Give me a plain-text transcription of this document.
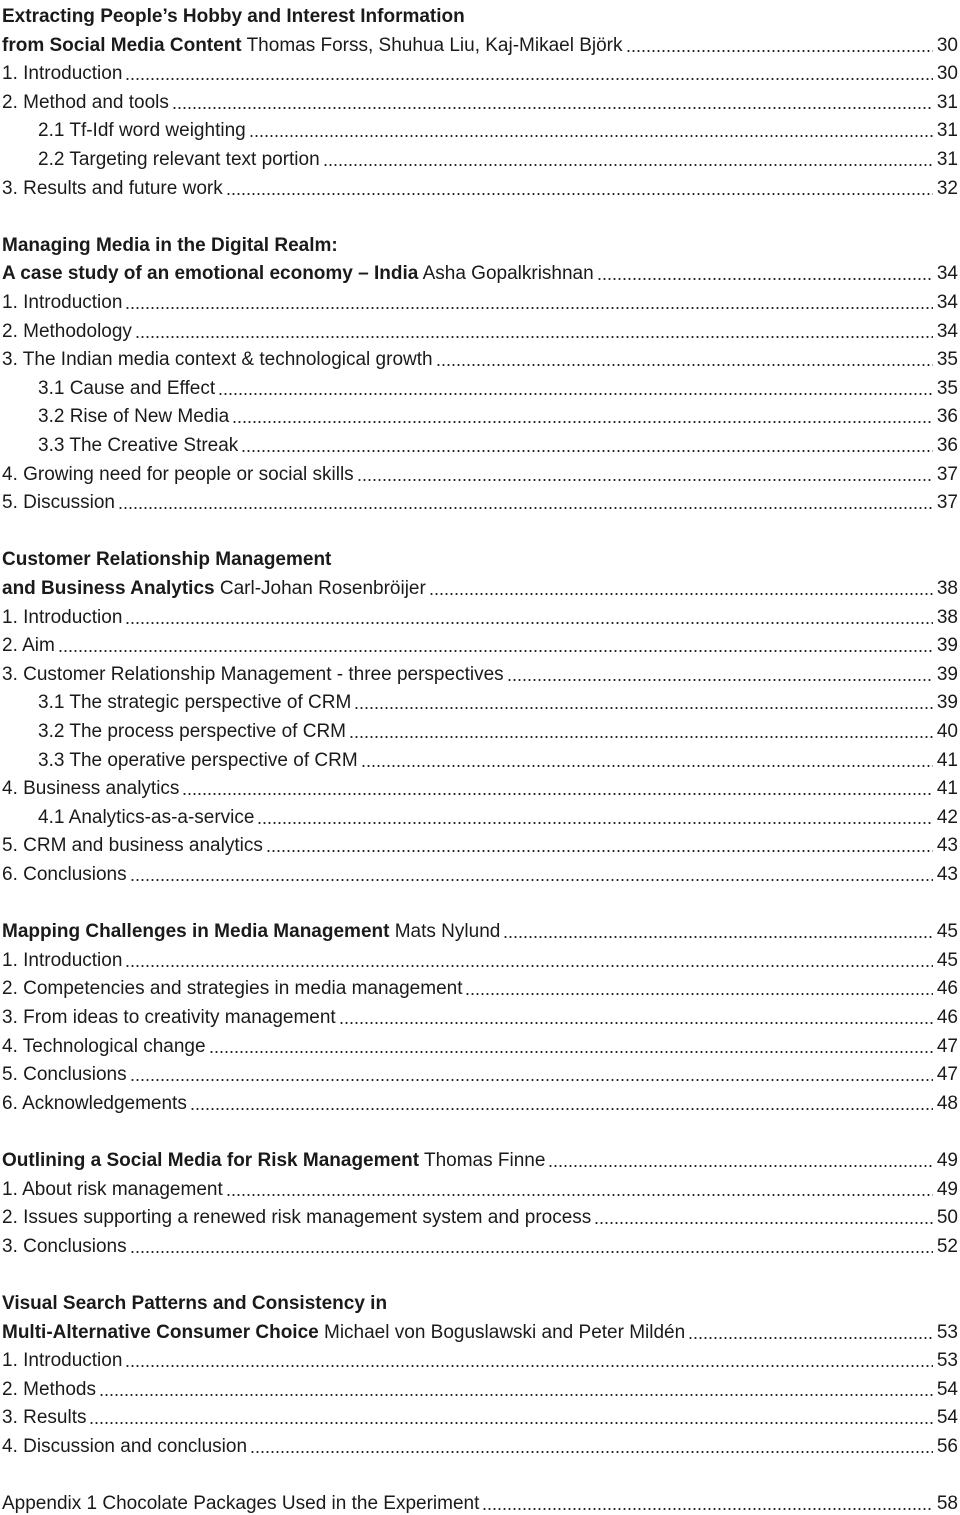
Extracting People’s Hobby and Interest Information
from Social Media Content Thomas Forss, Shuhua Liu, Kaj-Mikael Björk	30
1. Introduction	30
2. Method and tools	31
2.1 Tf-Idf word weighting	31
2.2 Targeting relevant text portion	31
3. Results and future work	32
Managing Media in the Digital Realm:
A case study of an emotional economy – India Asha Gopalkrishnan	34
1. Introduction	34
2. Methodology	34
3. The Indian media context & technological growth	35
3.1 Cause and Effect	35
3.2 Rise of New Media	36
3.3 The Creative Streak	36
4. Growing need for people or social skills	37
5. Discussion	37
Customer Relationship Management
and Business Analytics Carl-Johan Rosenbröijer	38
1. Introduction	38
2. Aim	39
3. Customer Relationship Management - three perspectives	39
3.1 The strategic perspective of CRM	39
3.2 The process perspective of CRM	40
3.3 The operative perspective of CRM	41
4. Business analytics	41
4.1 Analytics-as-a-service	42
5. CRM and business analytics	43
6. Conclusions	43
Mapping Challenges in Media Management Mats Nylund	45
1. Introduction	45
2. Competencies and strategies in media management	46
3. From ideas to creativity management	46
4. Technological change	47
5. Conclusions	47
6. Acknowledgements	48
Outlining a Social Media for Risk Management Thomas Finne	49
1. About risk management	49
2. Issues supporting a renewed risk management system and process	50
3. Conclusions	52
Visual Search Patterns and Consistency in
Multi-Alternative Consumer Choice Michael von Boguslawski and Peter Mildén	53
1. Introduction	53
2. Methods	54
3. Results	54
4. Discussion and conclusion	56
Appendix 1 Chocolate Packages Used in the Experiment	58
